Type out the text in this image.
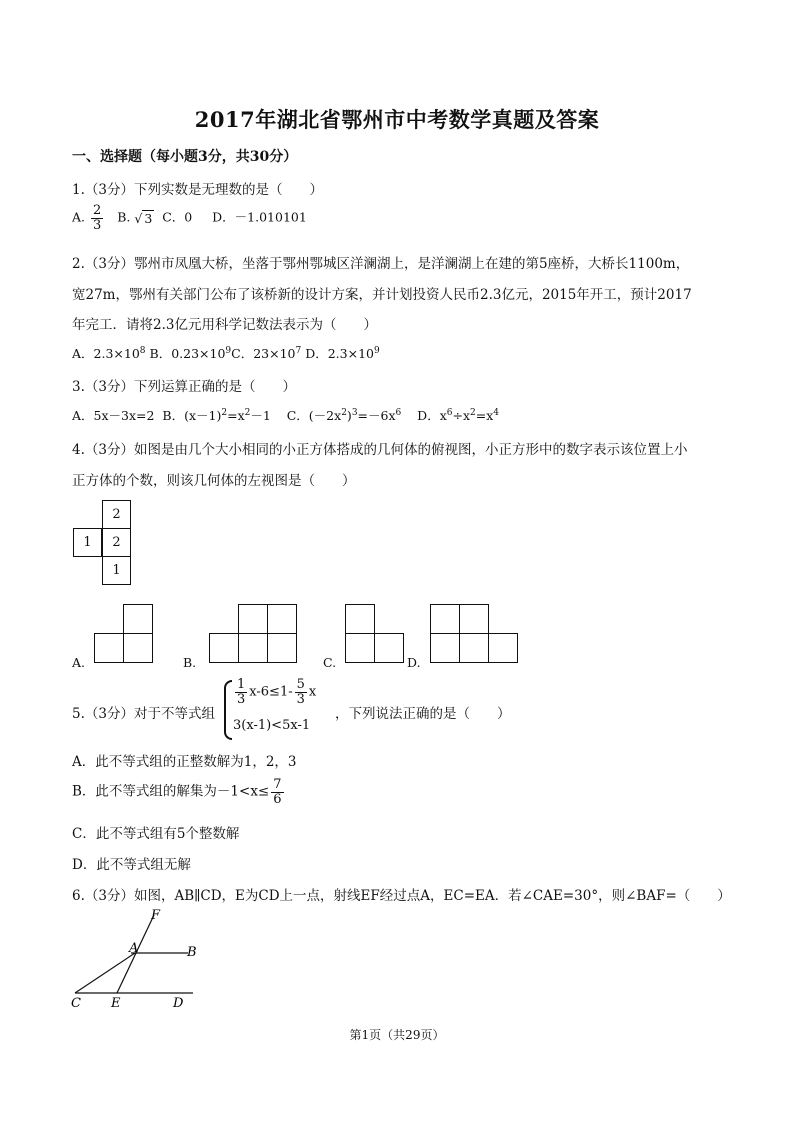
2017年湖北省鄂州市中考数学真题及答案
一、选择题（每小题3分，共30分）
1.（3分）下列实数是无理数的是（　　）
A. $\frac{2}{3} B$. √ 3 C．0 D．－1.010101
2.（3分）鄂州市凤凰大桥，坐落于鄂州鄂城区洋澜湖上，是洋澜湖上在建的第5座桥，大桥长1100m，
宽27m，鄂州有关部门公布了该桥新的设计方案，并计划投资人民币2.3亿元，2015年开工，预计2017
年完工．请将2.3亿元用科学记数法表示为（　　）
A．$2.3\times 10^8$ B．$0.23\times 10^9C$．$23\times 10^7$ D．$2.3\times 10^9$
3.（3分）下列运算正确的是（　　）
A．5x－3x=2 B．$(x-1)^2=x^2-1$ C．$(-2x^2)^3=-6x^6$ D．$x^6\div x^2=x^4$
4.（3分）如图是由几个大小相同的小正方体搭成的几何体的俯视图，小正方形中的数字表示该位置上小
正方体的个数，则该几何体的左视图是（　　）
2
1	2
1
A.	B.	C.	D.
5.（3分）对于不等式组
$\frac{1}{3} x-6\le 1- \frac{5}{3}$ x
3(x-1)<5x-1
，下列说法正确的是（　　）
A．此不等式组的正整数解为1，2，3
B．此不等式组的解集为$-1<x\le \frac{7}{6}$
C．此不等式组有5个整数解
D．此不等式组无解
6.（3分）如图，AB∥CD，E为CD上一点，射线EF经过点A，EC=EA．若∠CAE=30°，则∠BAF=（　　）
F
A	B
C E	D
第1页（共29页）
